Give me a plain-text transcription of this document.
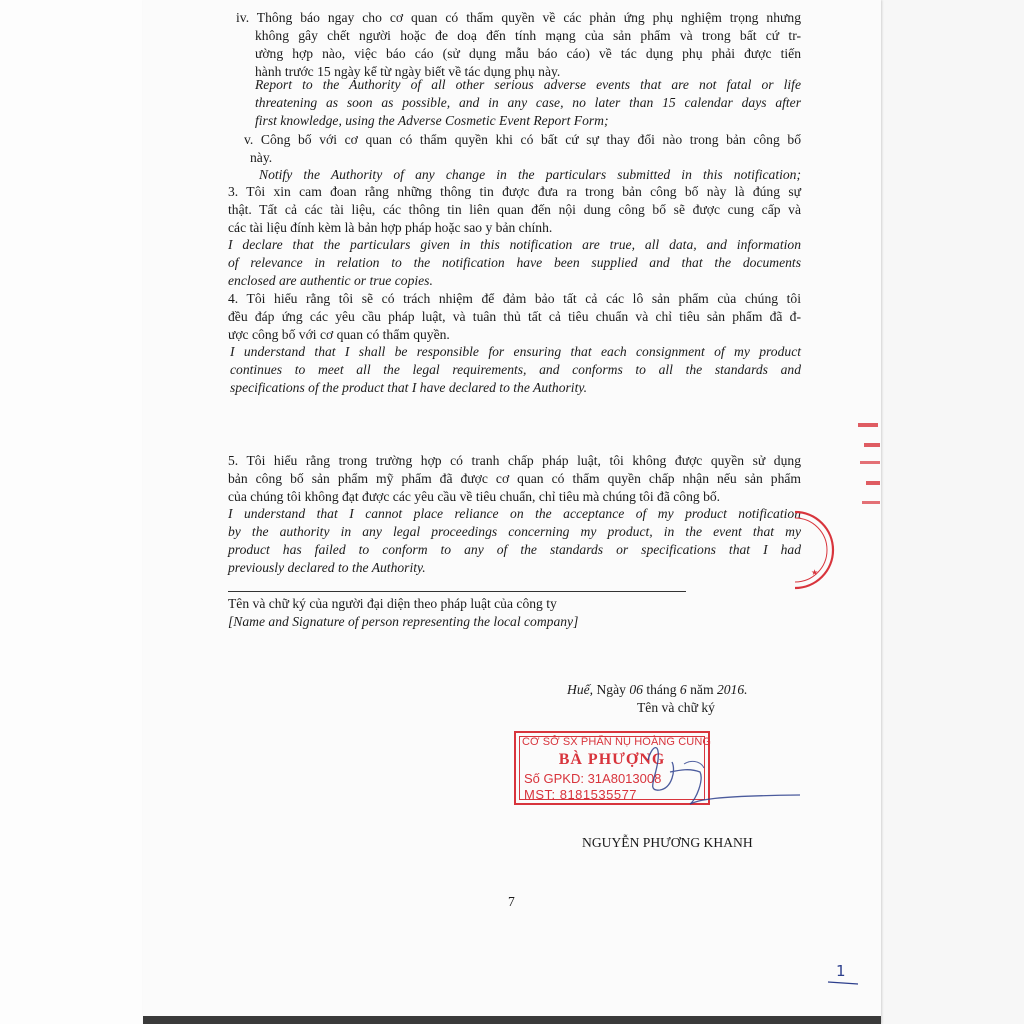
iv. Thông báo ngay cho cơ quan có thẩm quyền về các phản ứng phụ nghiệm trọng nhưng
không gây chết người hoặc đe doạ đến tính mạng của sản phẩm và trong bất cứ tr-
ường hợp nào, việc báo cáo (sử dụng mẫu báo cáo) về tác dụng phụ phải được tiến
hành trước 15 ngày kể từ ngày biết về tác dụng phụ này.
Report to the Authority of all other serious adverse events that are not fatal or life
threatening as soon as possible, and in any case, no later than 15 calendar days after
first knowledge, using the Adverse Cosmetic Event Report Form;
v. Công bố với cơ quan có thẩm quyền khi có bất cứ sự thay đổi nào trong bản công bố
này.
Notify the Authority of any change in the particulars submitted in this notification;
3. Tôi xin cam đoan rằng những thông tin được đưa ra trong bản công bố này là đúng sự
thật. Tất cả các tài liệu, các thông tin liên quan đến nội dung công bố sẽ được cung cấp và
các tài liệu đính kèm là bản hợp pháp hoặc sao y bản chính.
I declare that the particulars given in this notification are true, all data, and information
of relevance in relation to the notification have been supplied and that the documents
enclosed are authentic or true copies.
4. Tôi hiểu rằng tôi sẽ có trách nhiệm để đảm bảo tất cả các lô sản phẩm của chúng tôi
đều đáp ứng các yêu cầu pháp luật, và tuân thủ tất cả tiêu chuẩn và chỉ tiêu sản phẩm đã đ-
ược công bố với cơ quan có thẩm quyền.
I understand that I shall be responsible for ensuring that each consignment of my product
continues to meet all the legal requirements, and conforms to all the standards and
specifications of the product that I have declared to the Authority.
5. Tôi hiểu rằng trong trường hợp có tranh chấp pháp luật, tôi không được quyền sử dụng
bản công bố sản phẩm mỹ phẩm đã được cơ quan có thẩm quyền chấp nhận nếu sản phẩm
của chúng tôi không đạt được các yêu cầu về tiêu chuẩn, chỉ tiêu mà chúng tôi đã công bố.
I understand that I cannot place reliance on the acceptance of my product notification
by the authority in any legal proceedings concerning my product, in the event that my
product has failed to conform to any of the standards or specifications that I had
previously declared to the Authority.
Tên và chữ ký của người đại diện theo pháp luật của công ty
[Name and Signature of person representing the local company]
Huế, Ngày 06 tháng 6 năm 2016.
Tên và chữ ký
CƠ SỞ SX PHẤN NỤ HOÀNG CUNG
BÀ PHƯỢNG
Số GPKD: 31A8013008
MST: 8181535577
NGUYỄN PHƯƠNG KHANH
7
1
★
